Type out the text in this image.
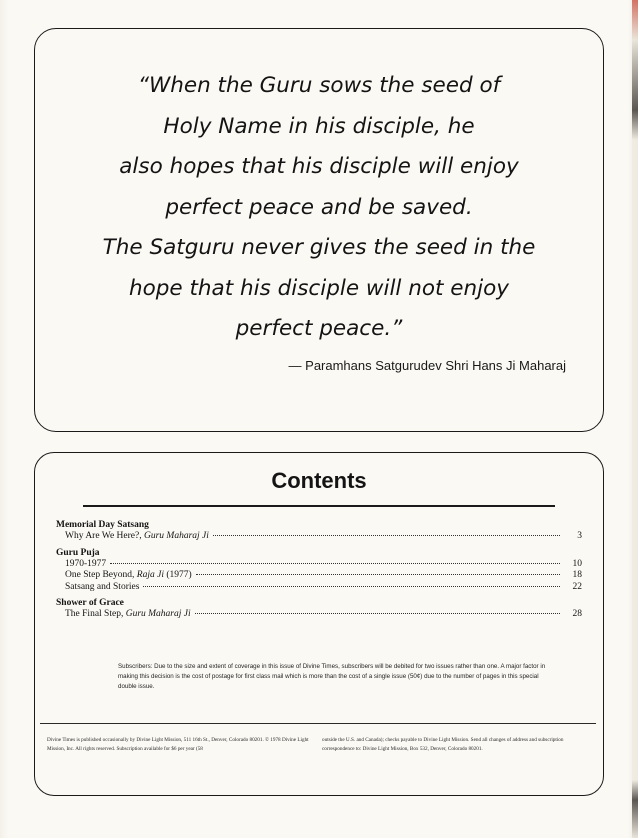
“When the Guru sows the seed of
Holy Name in his disciple, he
also hopes that his disciple will enjoy
perfect peace and be saved.
The Satguru never gives the seed in the
hope that his disciple will not enjoy
perfect peace.”

— Paramhans Satgurudev Shri Hans Ji Maharaj
Contents

Memorial Day Satsang

Why Are We Here?, Guru Maharaj Ji	3

Guru Puja

1970-1977	10
One Step Beyond, Raja Ji (1977)	18
Satsang and Stories	22

Shower of Grace

The Final Step, Guru Maharaj Ji	28
Subscribers: Due to the size and extent of coverage in this issue of Divine Times, subscribers will be debited for two issues rather than one. A major factor in making this decision is the cost of postage for first class mail which is more than the cost of a single issue (50¢) due to the number of pages in this special double issue.
Divine Times is published occasionally by Divine Light Mission, 511 16th St., Denver, Colorado 80201. © 1978 Divine Light Mission, Inc. All rights reserved. Subscription available for $6 per year (58
outside the U.S. and Canada); checks payable to Divine Light Mission. Send all changes of address and subscription correspondence to: Divine Light Mission, Box 532, Denver, Colorado 80201.
